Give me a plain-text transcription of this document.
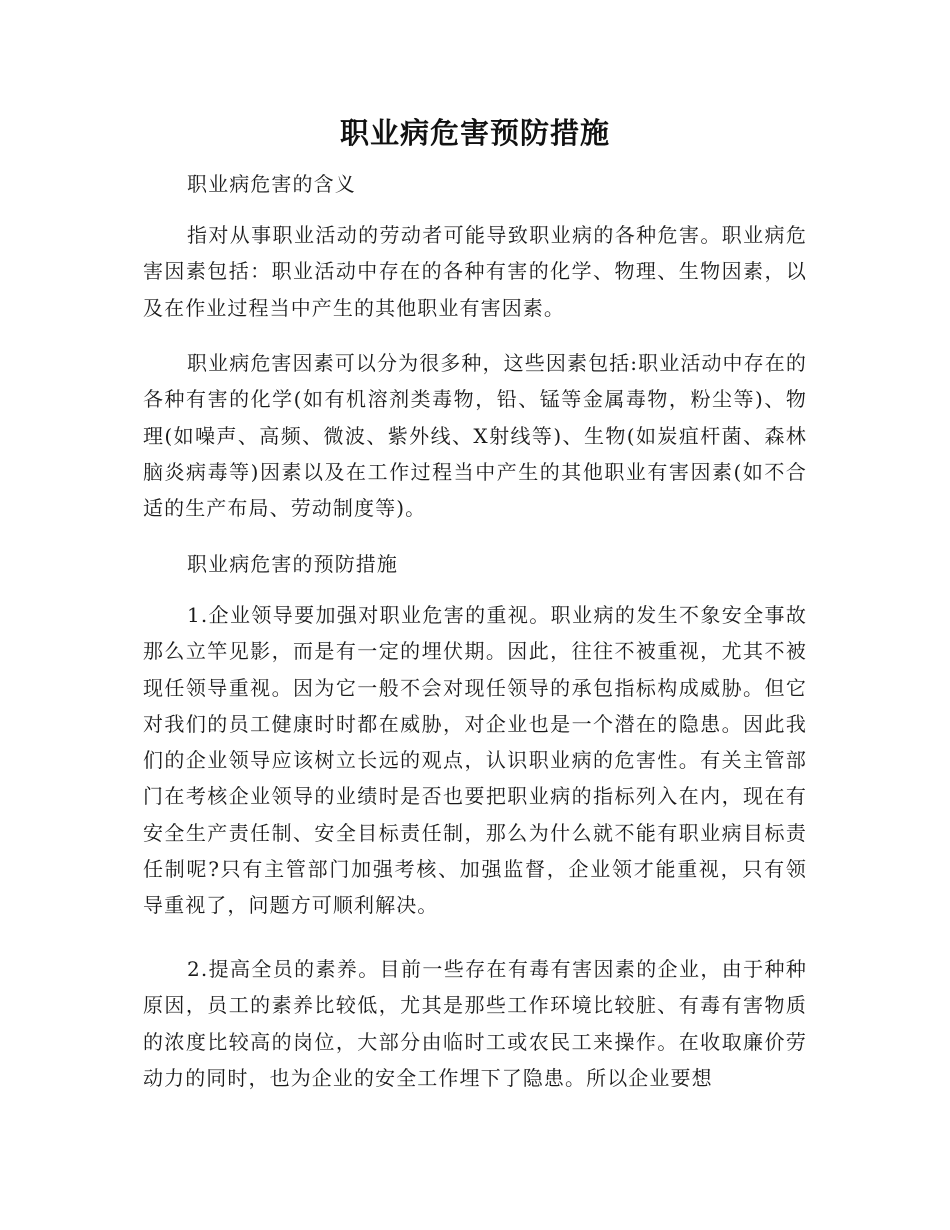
职业病危害预防措施

职业病危害的含义

指对从事职业活动的劳动者可能导致职业病的各种危害。职业病危害因素包括：职业活动中存在的各种有害的化学、物理、生物因素，以及在作业过程当中产生的其他职业有害因素。

职业病危害因素可以分为很多种，这些因素包括:职业活动中存在的各种有害的化学(如有机溶剂类毒物，铅、锰等金属毒物，粉尘等)、物理(如噪声、高频、微波、紫外线、X射线等)、生物(如炭疽杆菌、森林脑炎病毒等)因素以及在工作过程当中产生的其他职业有害因素(如不合适的生产布局、劳动制度等)。

职业病危害的预防措施

1.企业领导要加强对职业危害的重视。职业病的发生不象安全事故那么立竿见影，而是有一定的埋伏期。因此，往往不被重视，尤其不被现任领导重视。因为它一般不会对现任领导的承包指标构成威胁。但它对我们的员工健康时时都在威胁，对企业也是一个潜在的隐患。因此我们的企业领导应该树立长远的观点，认识职业病的危害性。有关主管部门在考核企业领导的业绩时是否也要把职业病的指标列入在内，现在有安全生产责任制、安全目标责任制，那么为什么就不能有职业病目标责任制呢?只有主管部门加强考核、加强监督，企业领才能重视，只有领导重视了，问题方可顺利解决。

2.提高全员的素养。目前一些存在有毒有害因素的企业，由于种种原因，员工的素养比较低，尤其是那些工作环境比较脏、有毒有害物质的浓度比较高的岗位，大部分由临时工或农民工来操作。在收取廉价劳动力的同时，也为企业的安全工作埋下了隐患。所以企业要想
